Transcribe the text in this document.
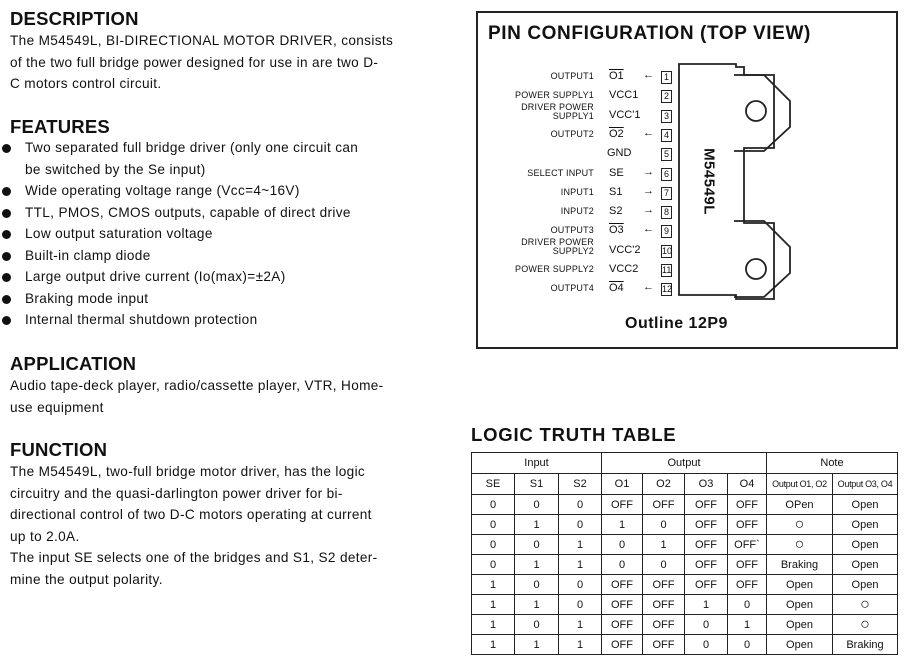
DESCRIPTION
The M54549L, BI-DIRECTIONAL MOTOR DRIVER, consists
of the two full bridge power designed for use in are two D-
C motors control circuit.
FEATURES
Two separated full bridge driver (only one circuit can
be switched by the Se input)
Wide operating voltage range (Vcc=4~16V)
TTL, PMOS, CMOS outputs, capable of direct drive
Low output saturation voltage
Built-in clamp diode
Large output drive current (Io(max)=±2A)
Braking mode input
Internal thermal shutdown protection
APPLICATION
Audio tape-deck player, radio/cassette player, VTR, Home-
use equipment
FUNCTION
The M54549L, two-full bridge motor driver, has the logic
circuitry and the quasi-darlington power driver for bi-
directional control of two D-C motors operating at current
up to 2.0A.
The input SE selects one of the bridges and S1, S2 deter-
mine the output polarity.
PIN CONFIGURATION (TOP VIEW)
OUTPUT1 O1 ←	1
POWER SUPPLY1 VCC1	2
DRIVER POWER
SUPPLY1 VCC'1	3
OUTPUT2 O2 ←	4
GND	5
SELECT INPUT SE →	6
INPUT1 S1 →	7
INPUT2 S2 →	8
OUTPUT3 O3 ←	9
DRIVER POWER
SUPPLY2 VCC'2 10
POWER SUPPLY2 VCC2	11
OUTPUT4 O4 ← 12
M54549L
Outline 12P9
LOGIC TRUTH TABLE
Input			Output				Note	
SE	S1	S2	O1	O2	O3	O4	Output O1, O2	Output O3, O4
0	0	0	OFF	OFF	OFF	OFF	OPen	Open
0	1	0	1	0	OFF	OFF	○	Open
0	0	1	0	1	OFF	OFF`	○	Open
0	1	1	0	0	OFF	OFF	Braking	Open
1	0	0	OFF	OFF	OFF	OFF	Open	Open
1	1	0	OFF	OFF	1	0	Open	○
1	0	1	OFF	OFF	0	1	Open	○
1	1	1	OFF	OFF	0	0	Open	Braking
